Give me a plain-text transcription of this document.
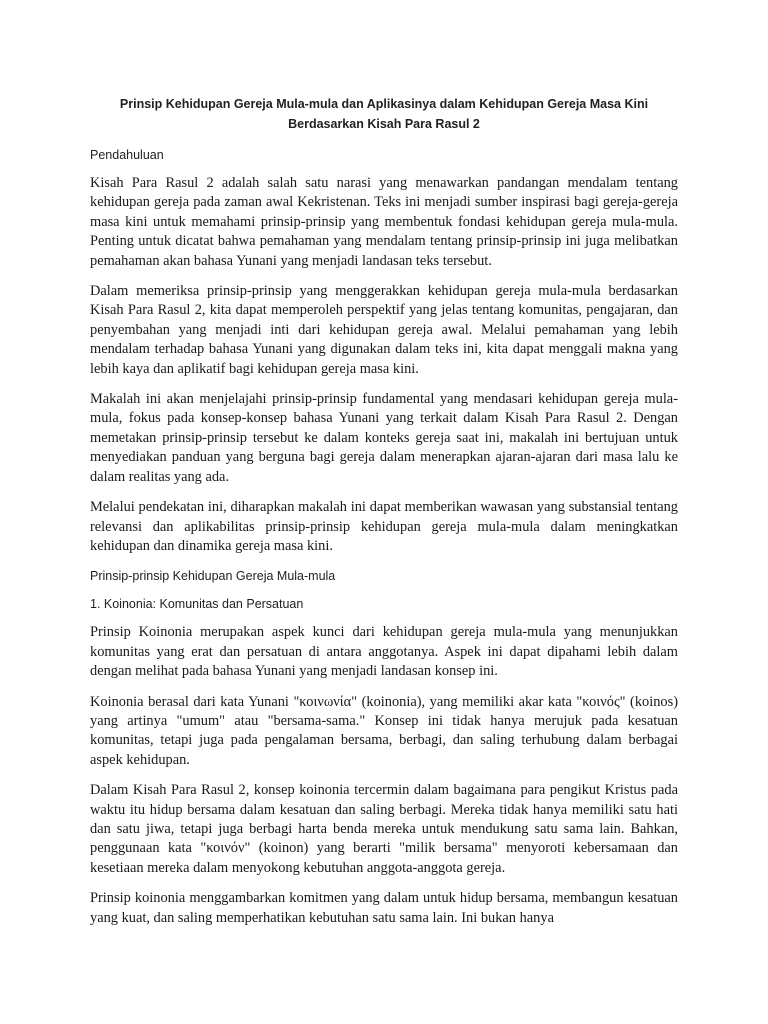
Prinsip Kehidupan Gereja Mula-mula dan Aplikasinya dalam Kehidupan Gereja Masa Kini Berdasarkan Kisah Para Rasul 2
Pendahuluan

Kisah Para Rasul 2 adalah salah satu narasi yang menawarkan pandangan mendalam tentang kehidupan gereja pada zaman awal Kekristenan. Teks ini menjadi sumber inspirasi bagi gereja-gereja masa kini untuk memahami prinsip-prinsip yang membentuk fondasi kehidupan gereja mula-mula. Penting untuk dicatat bahwa pemahaman yang mendalam tentang prinsip-prinsip ini juga melibatkan pemahaman akan bahasa Yunani yang menjadi landasan teks tersebut.

Dalam memeriksa prinsip-prinsip yang menggerakkan kehidupan gereja mula-mula berdasarkan Kisah Para Rasul 2, kita dapat memperoleh perspektif yang jelas tentang komunitas, pengajaran, dan penyembahan yang menjadi inti dari kehidupan gereja awal. Melalui pemahaman yang lebih mendalam terhadap bahasa Yunani yang digunakan dalam teks ini, kita dapat menggali makna yang lebih kaya dan aplikatif bagi kehidupan gereja masa kini.

Makalah ini akan menjelajahi prinsip-prinsip fundamental yang mendasari kehidupan gereja mula-mula, fokus pada konsep-konsep bahasa Yunani yang terkait dalam Kisah Para Rasul 2. Dengan memetakan prinsip-prinsip tersebut ke dalam konteks gereja saat ini, makalah ini bertujuan untuk menyediakan panduan yang berguna bagi gereja dalam menerapkan ajaran-ajaran dari masa lalu ke dalam realitas yang ada.

Melalui pendekatan ini, diharapkan makalah ini dapat memberikan wawasan yang substansial tentang relevansi dan aplikabilitas prinsip-prinsip kehidupan gereja mula-mula dalam meningkatkan kehidupan dan dinamika gereja masa kini.

Prinsip-prinsip Kehidupan Gereja Mula-mula
1. Koinonia: Komunitas dan Persatuan

Prinsip Koinonia merupakan aspek kunci dari kehidupan gereja mula-mula yang menunjukkan komunitas yang erat dan persatuan di antara anggotanya. Aspek ini dapat dipahami lebih dalam dengan melihat pada bahasa Yunani yang menjadi landasan konsep ini.

Koinonia berasal dari kata Yunani "κοινωνία" (koinonia), yang memiliki akar kata "κοινός" (koinos) yang artinya "umum" atau "bersama-sama." Konsep ini tidak hanya merujuk pada kesatuan komunitas, tetapi juga pada pengalaman bersama, berbagi, dan saling terhubung dalam berbagai aspek kehidupan.

Dalam Kisah Para Rasul 2, konsep koinonia tercermin dalam bagaimana para pengikut Kristus pada waktu itu hidup bersama dalam kesatuan dan saling berbagi. Mereka tidak hanya memiliki satu hati dan satu jiwa, tetapi juga berbagi harta benda mereka untuk mendukung satu sama lain. Bahkan, penggunaan kata "κοινόν" (koinon) yang berarti "milik bersama" menyoroti kebersamaan dan kesetiaan mereka dalam menyokong kebutuhan anggota-anggota gereja.

Prinsip koinonia menggambarkan komitmen yang dalam untuk hidup bersama, membangun kesatuan yang kuat, dan saling memperhatikan kebutuhan satu sama lain. Ini bukan hanya
